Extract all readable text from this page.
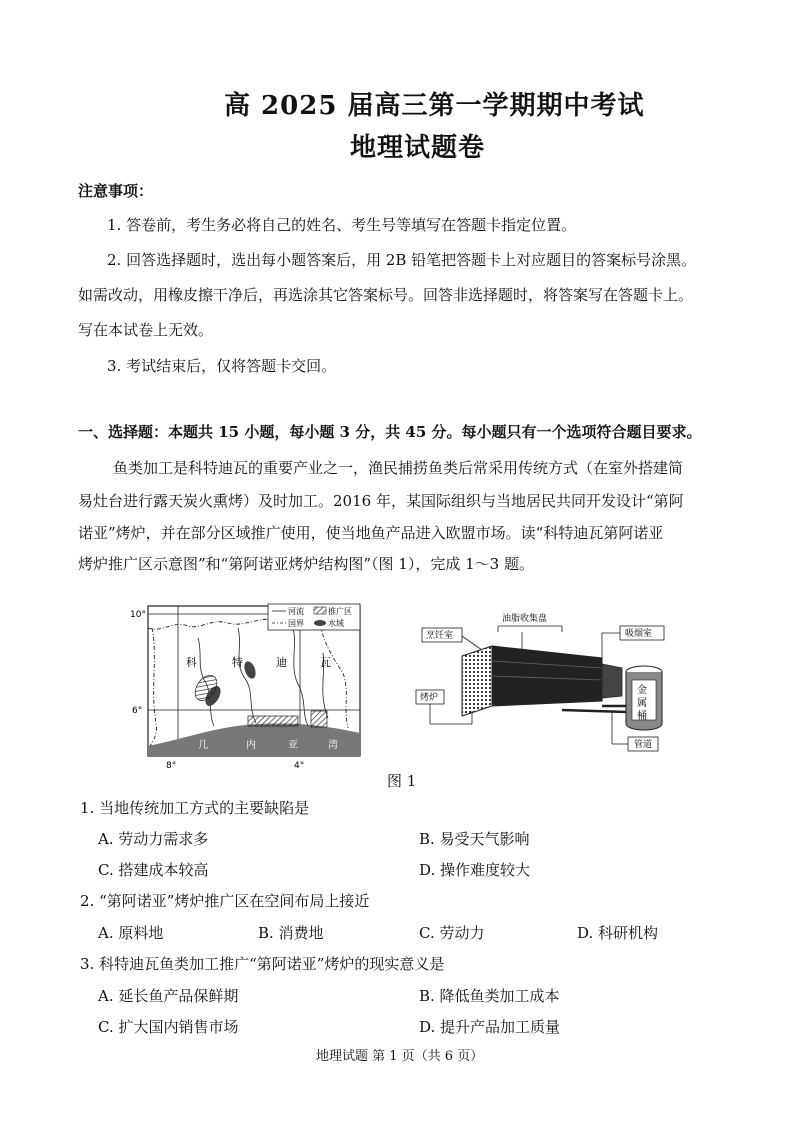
高 2025 届高三第一学期期中考试
地理试题卷
注意事项：
1. 答卷前，考生务必将自己的姓名、考生号等填写在答题卡指定位置。
2. 回答选择题时，选出每小题答案后，用 2B 铅笔把答题卡上对应题目的答案标号涂黑。
如需改动，用橡皮擦干净后，再选涂其它答案标号。回答非选择题时，将答案写在答题卡上。
写在本试卷上无效。
3. 考试结束后，仅将答题卡交回。
一、选择题：本题共 15 小题，每小题 3 分，共 45 分。每小题只有一个选项符合题目要求。
鱼类加工是科特迪瓦的重要产业之一，渔民捕捞鱼类后常采用传统方式（在室外搭建简
易灶台进行露天炭火熏烤）及时加工。2016 年，某国际组织与当地居民共同开发设计“第阿
诺亚”烤炉，并在部分区域推广使用，使当地鱼产品进入欧盟市场。读“科特迪瓦第阿诺亚
烤炉推广区示意图”和“第阿诺亚烤炉结构图”（图 1），完成 1～3 题。
河流	推广区
国界	水域
10°
6°
8°	4°
科	特	迪	瓦
几	内	亚	湾
油脂收集盘
烹饪室	吸烟室
金
属
桶
烤炉
管道
图 1
1. 当地传统加工方式的主要缺陷是
A. 劳动力需求多	B. 易受天气影响
C. 搭建成本较高	D. 操作难度较大
2. “第阿诺亚”烤炉推广区在空间布局上接近
A. 原料地	B. 消费地	C. 劳动力	D. 科研机构
3. 科特迪瓦鱼类加工推广“第阿诺亚”烤炉的现实意义是
A. 延长鱼产品保鲜期	B. 降低鱼类加工成本
C. 扩大国内销售市场	D. 提升产品加工质量
地理试题 第 1 页（共 6 页）
